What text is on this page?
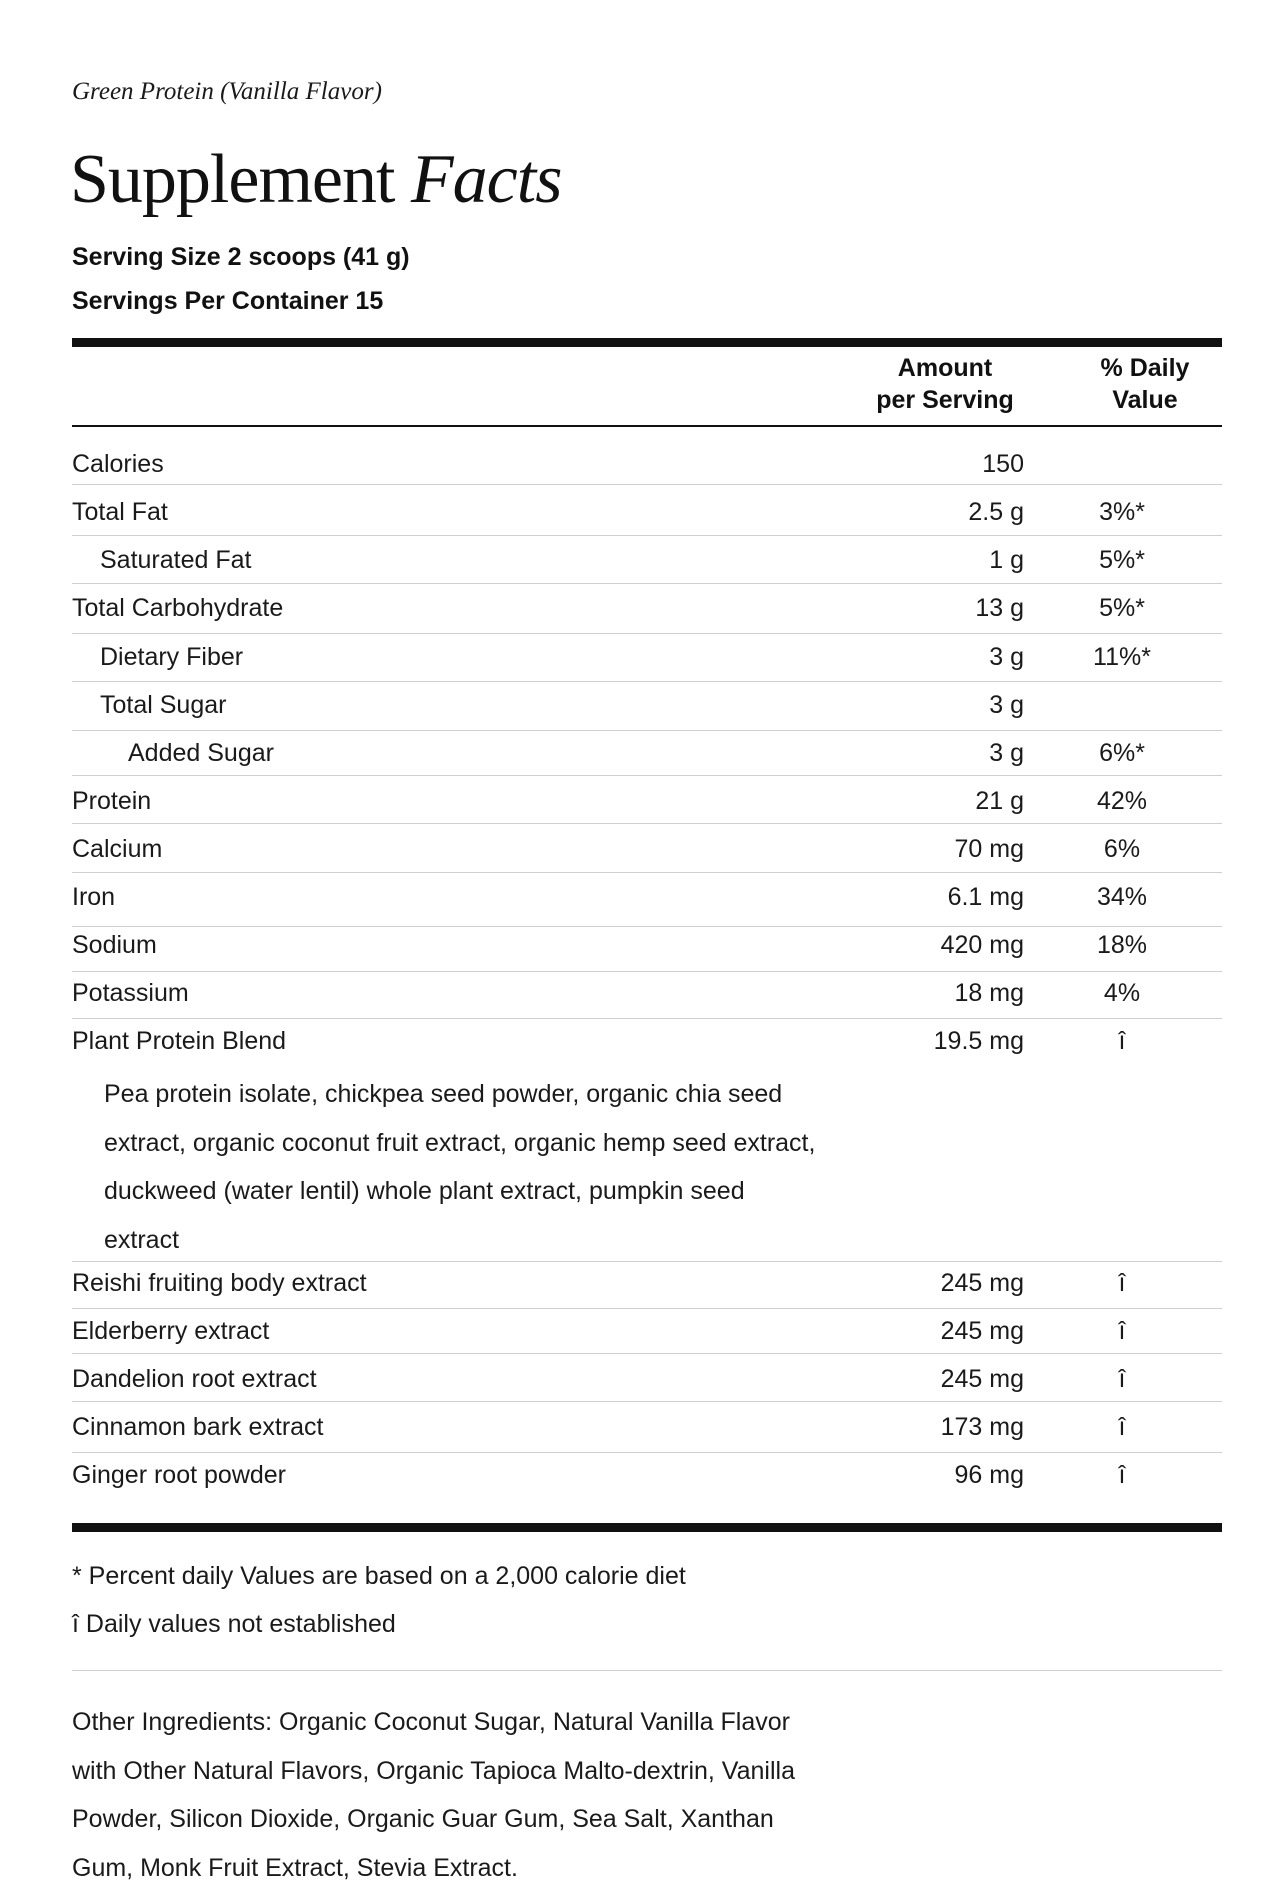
Green Protein (Vanilla Flavor)
Supplement Facts
Serving Size 2 scoops (41 g)
Servings Per Container 15
Amount
per Serving
% Daily
Value
Calories	150
Total Fat	2.5 g	3%*
Saturated Fat	1 g	5%*
Total Carbohydrate	13 g	5%*
Dietary Fiber	3 g	11%*
Total Sugar	3 g
Added Sugar	3 g	6%*
Protein	21 g	42%
Calcium	70 mg	6%
Iron	6.1 mg	34%
Sodium	420 mg	18%
Potassium	18 mg	4%
Plant Protein Blend	19.5 mg	î
Reishi fruiting body extract	245 mg	î
Elderberry extract	245 mg	î
Dandelion root extract	245 mg	î
Cinnamon bark extract	173 mg	î
Ginger root powder	96 mg	î
Pea protein isolate, chickpea seed powder, organic chia seed extract, organic coconut fruit extract, organic hemp seed extract, duckweed (water lentil) whole plant extract, pumpkin seed extract
* Percent daily Values are based on a 2,000 calorie diet
î Daily values not established
Other Ingredients: Organic Coconut Sugar, Natural Vanilla Flavor with Other Natural Flavors, Organic Tapioca Malto-dextrin, Vanilla Powder, Silicon Dioxide, Organic Guar Gum, Sea Salt, Xanthan Gum, Monk Fruit Extract, Stevia Extract.
